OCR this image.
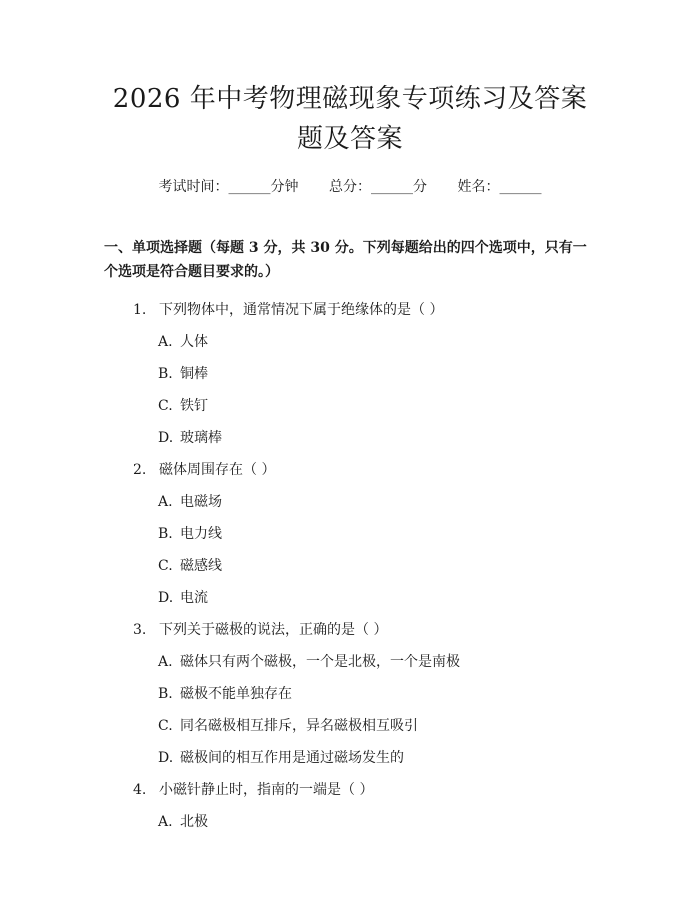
2026 年中考物理磁现象专项练习及答案题及答案
考试时间：______分钟 总分：______分 姓名：______
一、单项选择题（每题 3 分，共 30 分。下列每题给出的四个选项中，只有一个选项是符合题目要求的。）
1. 下列物体中，通常情况下属于绝缘体的是（ ）
A. 人体
B. 铜棒
C. 铁钉
D. 玻璃棒
2. 磁体周围存在（ ）
A. 电磁场
B. 电力线
C. 磁感线
D. 电流
3. 下列关于磁极的说法，正确的是（ ）
A. 磁体只有两个磁极，一个是北极，一个是南极
B. 磁极不能单独存在
C. 同名磁极相互排斥，异名磁极相互吸引
D. 磁极间的相互作用是通过磁场发生的
4. 小磁针静止时，指南的一端是（ ）
A. 北极
